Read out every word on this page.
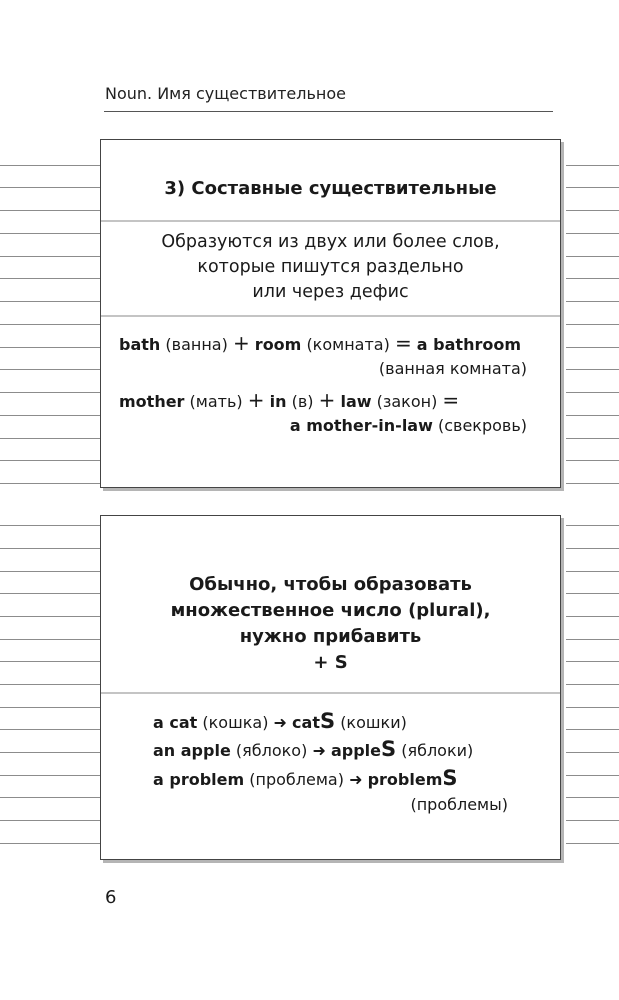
Noun. Имя существительное
3) Составные существительные
Образуются из двух или более слов,
которые пишутся раздельно
или через дефис
bath (ванна) + room (комната) = a bathroom
(ванная комната)
mother (мать) + in (в) + law (закон) =
a mother-in-law (свекровь)
Обычно, чтобы образовать
множественное число (plural),
нужно прибавить
+ S
a cat (кошка) ➜ catS (кошки)
an apple (яблоко) ➜ appleS (яблоки)
a problem (проблема) ➜ problemS
(проблемы)
6
